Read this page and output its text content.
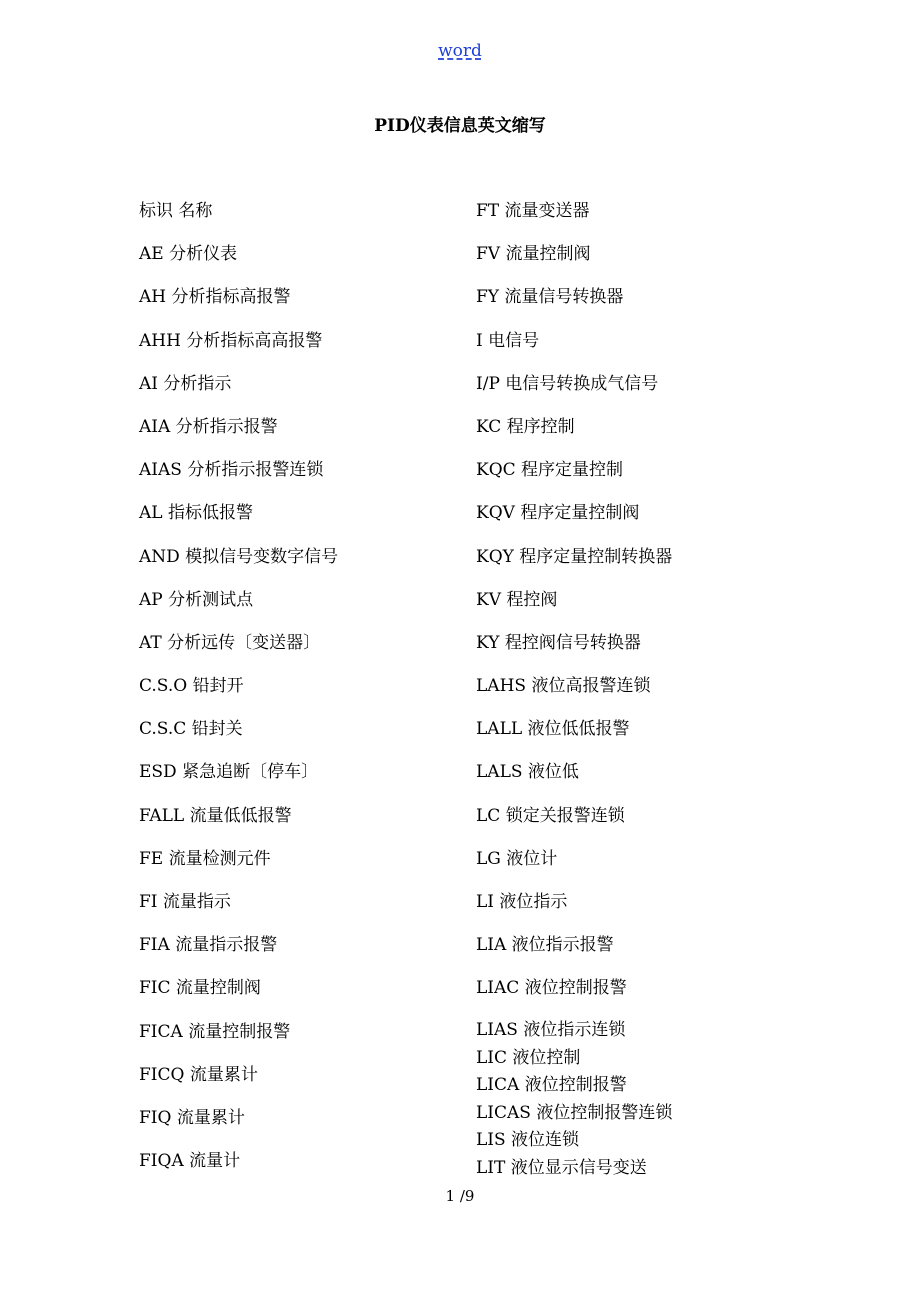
word
PID仪表信息英文缩写
标识 名称
AE 分析仪表
AH 分析指标高报警
AHH 分析指标高高报警
AI 分析指示
AIA 分析指示报警
AIAS 分析指示报警连锁
AL 指标低报警
AND 模拟信号变数字信号
AP 分析测试点
AT 分析远传〔变送器〕
C.S.O 铅封开
C.S.C 铅封关
ESD 紧急追断〔停车〕
FALL 流量低低报警
FE 流量检测元件
FI 流量指示
FIA 流量指示报警
FIC 流量控制阀
FICA 流量控制报警
FICQ 流量累计
FIQ 流量累计
FIQA 流量计
FT 流量变送器
FV 流量控制阀
FY 流量信号转换器
I 电信号
I/P 电信号转换成气信号
KC 程序控制
KQC 程序定量控制
KQV 程序定量控制阀
KQY 程序定量控制转换器
KV 程控阀
KY 程控阀信号转换器
LAHS 液位高报警连锁
LALL 液位低低报警
LALS 液位低
LC 锁定关报警连锁
LG 液位计
LI 液位指示
LIA 液位指示报警
LIAC 液位控制报警
LIAS 液位指示连锁
LIC 液位控制
LICA 液位控制报警
LICAS 液位控制报警连锁
LIS 液位连锁
LIT 液位显示信号变送
1 /9
